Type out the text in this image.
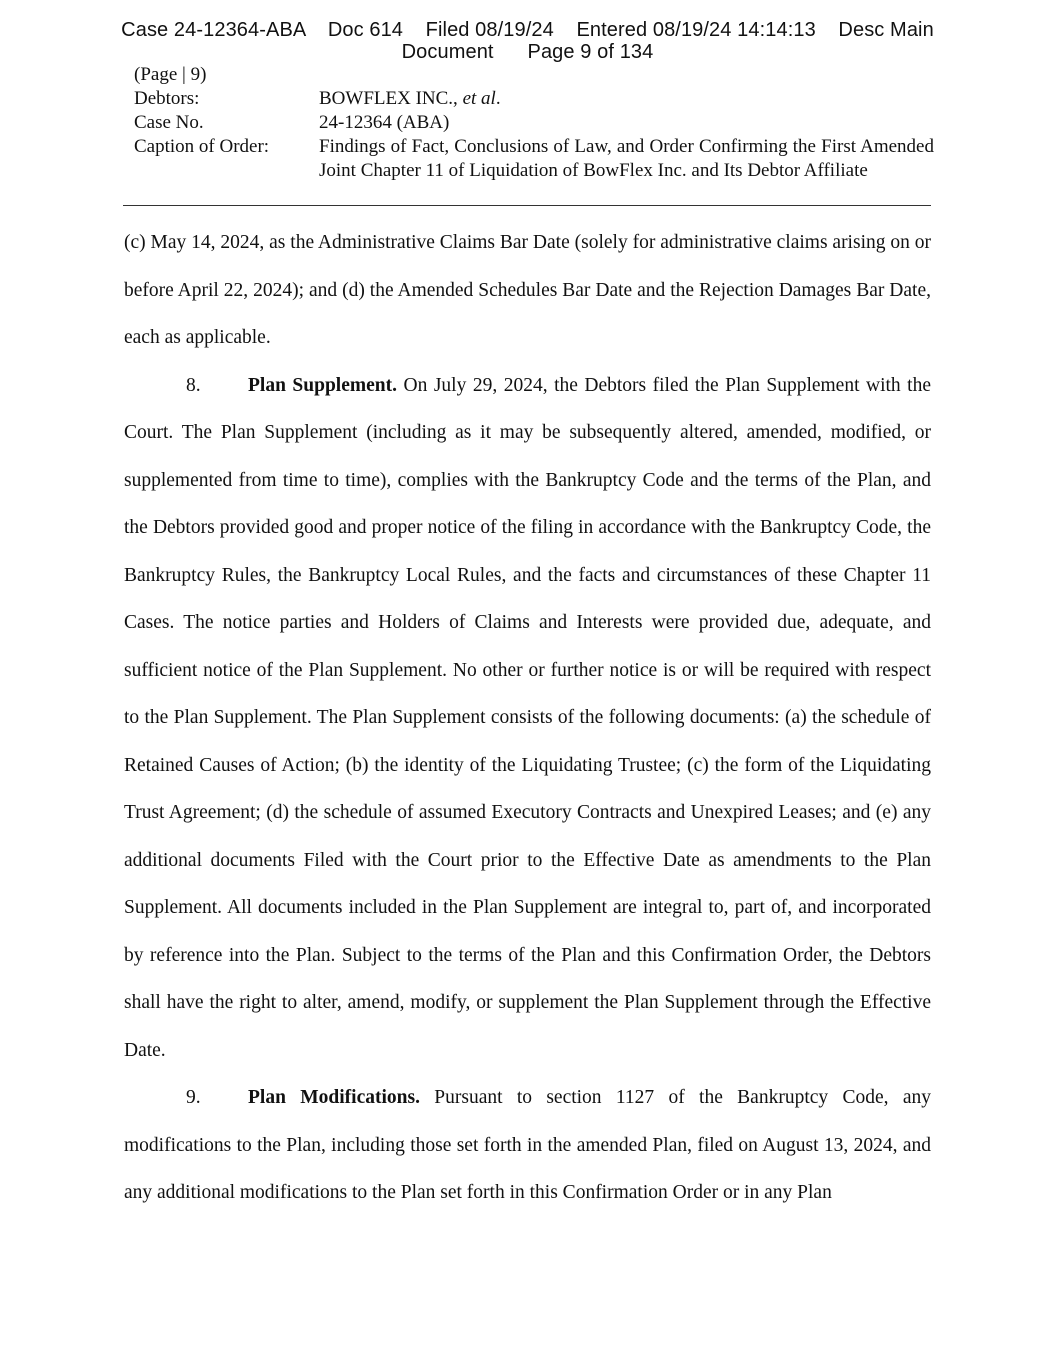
Case 24-12364-ABA    Doc 614    Filed 08/19/24    Entered 08/19/24 14:14:13    Desc Main
Document      Page 9 of 134
(Page | 9)
Debtors:	BOWFLEX INC., et al.
Case No.	24-12364 (ABA)
Caption of Order:	Findings of Fact, Conclusions of Law, and Order Confirming the First Amended Joint Chapter 11 of Liquidation of BowFlex Inc. and Its Debtor Affiliate

(c) May 14, 2024, as the Administrative Claims Bar Date (solely for administrative claims arising on or before April 22, 2024); and (d) the Amended Schedules Bar Date and the Rejection Damages Bar Date, each as applicable.

8. Plan Supplement. On July 29, 2024, the Debtors filed the Plan Supplement with the Court. The Plan Supplement (including as it may be subsequently altered, amended, modified, or supplemented from time to time), complies with the Bankruptcy Code and the terms of the Plan, and the Debtors provided good and proper notice of the filing in accordance with the Bankruptcy Code, the Bankruptcy Rules, the Bankruptcy Local Rules, and the facts and circumstances of these Chapter 11 Cases. The notice parties and Holders of Claims and Interests were provided due, adequate, and sufficient notice of the Plan Supplement. No other or further notice is or will be required with respect to the Plan Supplement. The Plan Supplement consists of the following documents: (a) the schedule of Retained Causes of Action; (b) the identity of the Liquidating Trustee; (c) the form of the Liquidating Trust Agreement; (d) the schedule of assumed Executory Contracts and Unexpired Leases; and (e) any additional documents Filed with the Court prior to the Effective Date as amendments to the Plan Supplement. All documents included in the Plan Supplement are integral to, part of, and incorporated by reference into the Plan. Subject to the terms of the Plan and this Confirmation Order, the Debtors shall have the right to alter, amend, modify, or supplement the Plan Supplement through the Effective Date.

9. Plan Modifications. Pursuant to section 1127 of the Bankruptcy Code, any modifications to the Plan, including those set forth in the amended Plan, filed on August 13, 2024, and any additional modifications to the Plan set forth in this Confirmation Order or in any Plan
